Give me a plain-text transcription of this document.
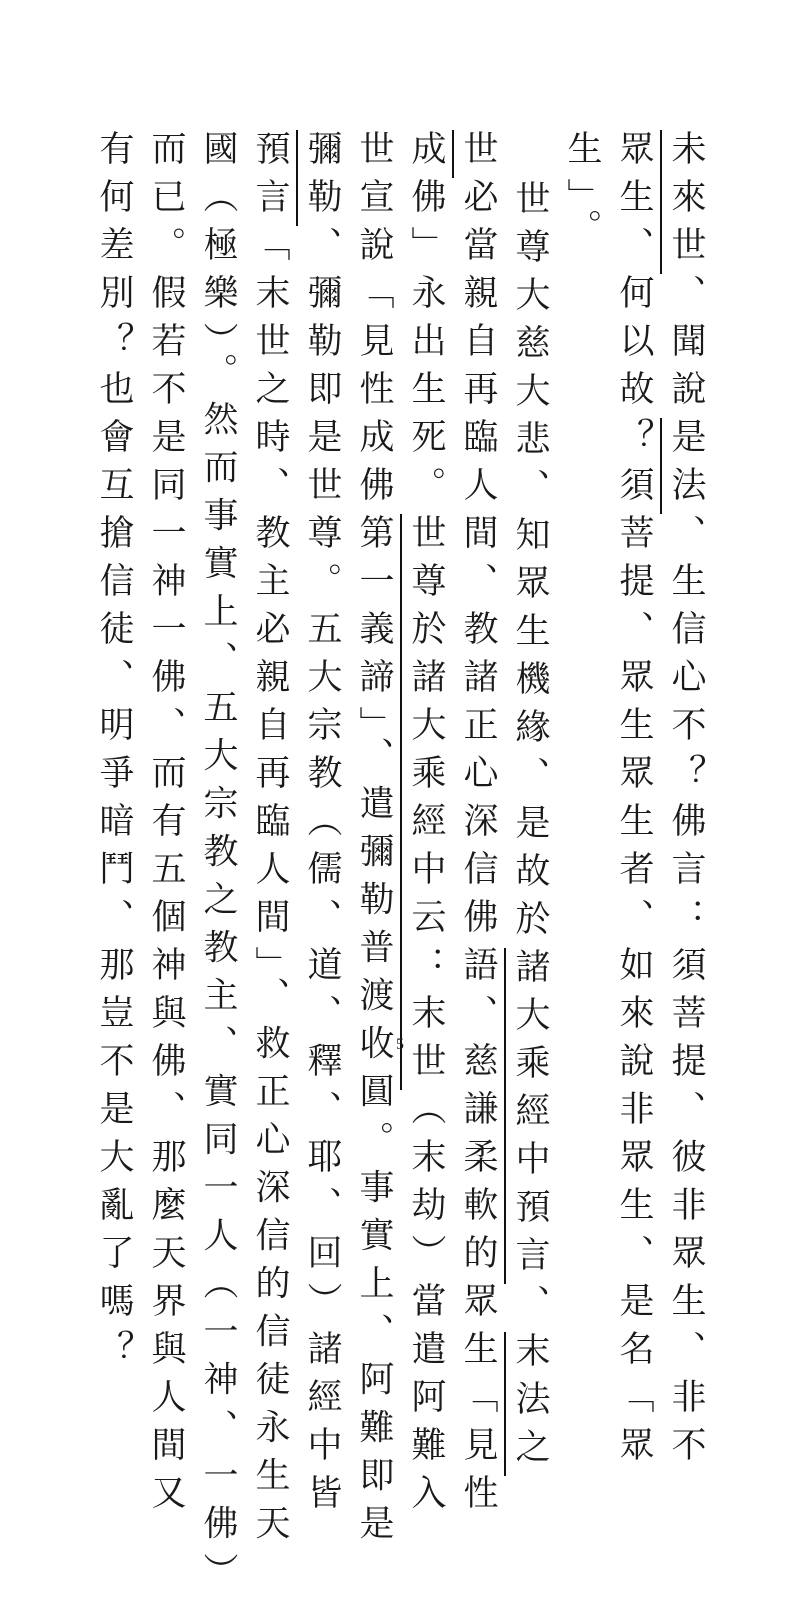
未來世、聞說是法、生信心不？佛言：須菩提、彼非眾生、非不
眾生、何以故？須菩提、眾生眾生者、如來說非眾生、是名「眾
生」。
世尊大慈大悲、知眾生機緣、是故於諸大乘經中預言、末法之
世必當親自再臨人間、教諸正心深信佛語、慈謙柔軟的眾生「見性
成佛」永出生死。世尊於諸大乘經中云：末世（末劫）當遣阿難入
世宣說「見性成佛第一義諦」、遣彌勒普渡收圓。事實上、阿難即是
彌勒、彌勒即是世尊。五大宗教（儒、道、釋、耶、回）諸經中皆
預言「末世之時、教主必親自再臨人間」、救正心深信的信徒永生天
國（極樂）。然而事實上、五大宗教之教主、實同一人（一神、一佛）
而已。假若不是同一神一佛、而有五個神與佛、那麼天界與人間又
有何差別？也會互搶信徒、明爭暗鬥、那豈不是大亂了嗎？	5
